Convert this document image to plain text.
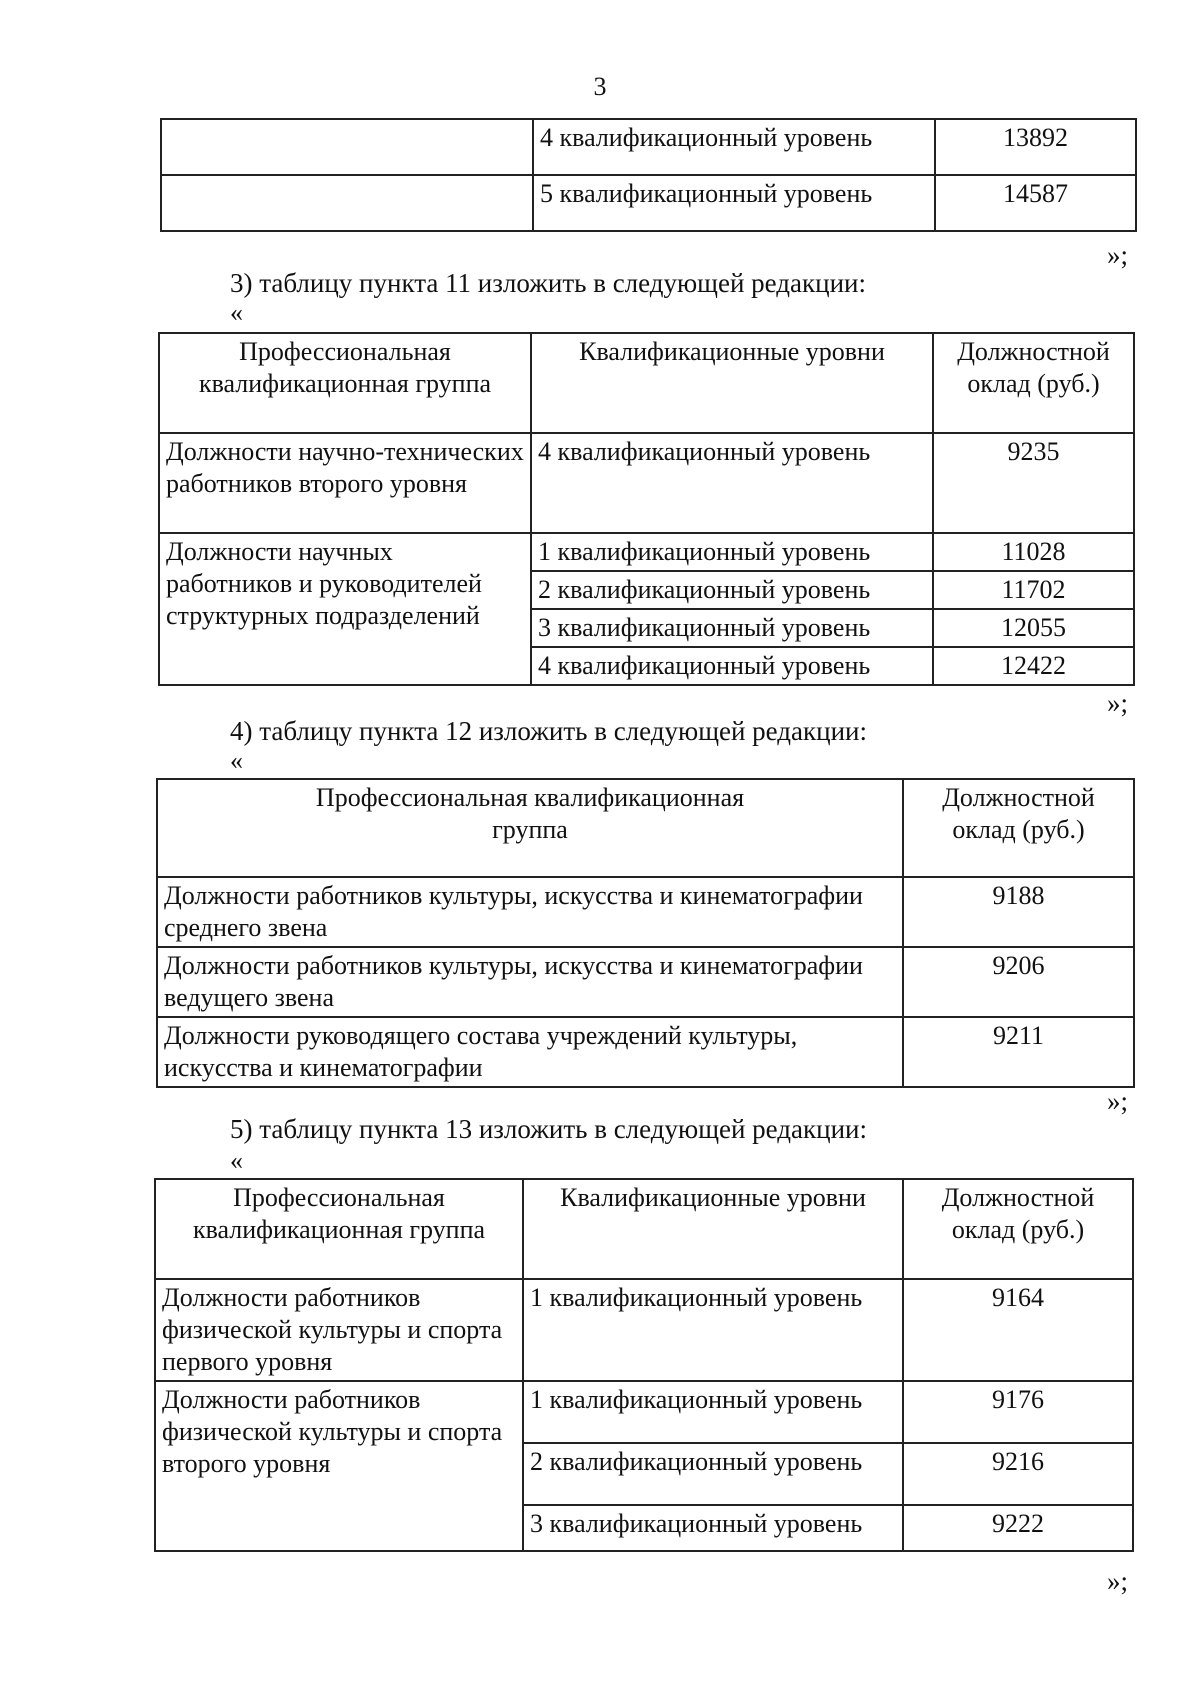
3
	4 квалификационный уровень	13892
	5 квалификационный уровень	14587
»;
3) таблицу пункта 11 изложить в следующей редакции:
«
Профессиональная квалификационная группа	Квалификационные уровни	Должностной оклад (руб.)
Должности научно-технических работников второго уровня	4 квалификационный уровень	9235
Должности научных работников и руководителей структурных подразделений	1 квалификационный уровень	11028
	2 квалификационный уровень	11702
	3 квалификационный уровень	12055
	4 квалификационный уровень	12422
»;
4) таблицу пункта 12 изложить в следующей редакции:
«
Профессиональная квалификационная группа	Должностной оклад (руб.)
Должности работников культуры, искусства и кинематографии среднего звена	9188
Должности работников культуры, искусства и кинематографии ведущего звена	9206
Должности руководящего состава учреждений культуры, искусства и кинематографии	9211
»;
5) таблицу пункта 13 изложить в следующей редакции:
«
Профессиональная квалификационная группа	Квалификационные уровни	Должностной оклад (руб.)
Должности работников физической культуры и спорта первого уровня	1 квалификационный уровень	9164
Должности работников физической культуры и спорта второго уровня	1 квалификационный уровень	9176
	2 квалификационный уровень	9216
	3 квалификационный уровень	9222
»;
